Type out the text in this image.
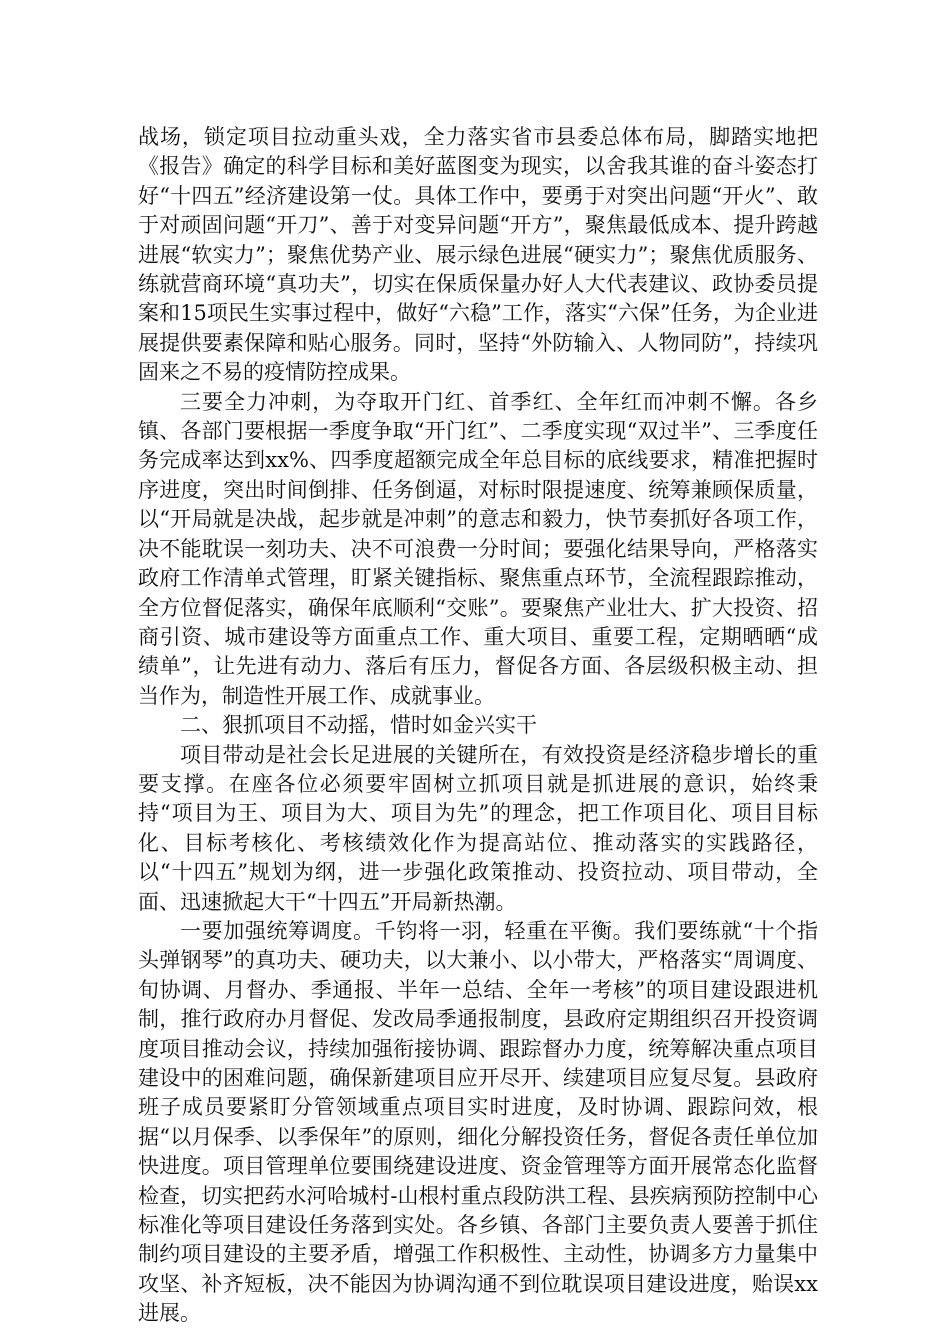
战场，锁定项目拉动重头戏，全力落实省市县委总体布局，脚踏实地把《报告》确定的科学目标和美好蓝图变为现实，以舍我其谁的奋斗姿态打好“十四五”经济建设第一仗。具体工作中，要勇于对突出问题“开火”、敢于对顽固问题“开刀”、善于对变异问题“开方”，聚焦最低成本、提升跨越进展“软实力”；聚焦优势产业、展示绿色进展“硬实力”；聚焦优质服务、练就营商环境“真功夫”，切实在保质保量办好人大代表建议、政协委员提案和15项民生实事过程中，做好“六稳”工作，落实“六保”任务，为企业进展提供要素保障和贴心服务。同时，坚持“外防输入、人物同防”，持续巩固来之不易的疫情防控成果。

三要全力冲刺，为夺取开门红、首季红、全年红而冲刺不懈。各乡镇、各部门要根据一季度争取“开门红”、二季度实现“双过半”、三季度任务完成率达到xx%、四季度超额完成全年总目标的底线要求，精准把握时序进度，突出时间倒排、任务倒逼，对标时限提速度、统筹兼顾保质量，以“开局就是决战，起步就是冲刺”的意志和毅力，快节奏抓好各项工作，决不能耽误一刻功夫、决不可浪费一分时间；要强化结果导向，严格落实政府工作清单式管理，盯紧关键指标、聚焦重点环节，全流程跟踪推动，全方位督促落实，确保年底顺利“交账”。要聚焦产业壮大、扩大投资、招商引资、城市建设等方面重点工作、重大项目、重要工程，定期晒晒“成绩单”，让先进有动力、落后有压力，督促各方面、各层级积极主动、担当作为，制造性开展工作、成就事业。

二、狠抓项目不动摇，惜时如金兴实干

项目带动是社会长足进展的关键所在，有效投资是经济稳步增长的重要支撑。在座各位必须要牢固树立抓项目就是抓进展的意识，始终秉持“项目为王、项目为大、项目为先”的理念，把工作项目化、项目目标化、目标考核化、考核绩效化作为提高站位、推动落实的实践路径，以“十四五”规划为纲，进一步强化政策推动、投资拉动、项目带动，全面、迅速掀起大干“十四五”开局新热潮。

一要加强统筹调度。千钧将一羽，轻重在平衡。我们要练就“十个指头弹钢琴”的真功夫、硬功夫，以大兼小、以小带大，严格落实“周调度、旬协调、月督办、季通报、半年一总结、全年一考核”的项目建设跟进机制，推行政府办月督促、发改局季通报制度，县政府定期组织召开投资调度项目推动会议，持续加强衔接协调、跟踪督办力度，统筹解决重点项目建设中的困难问题，确保新建项目应开尽开、续建项目应复尽复。县政府班子成员要紧盯分管领域重点项目实时进度，及时协调、跟踪问效，根据“以月保季、以季保年”的原则，细化分解投资任务，督促各责任单位加快进度。项目管理单位要围绕建设进度、资金管理等方面开展常态化监督检查，切实把药水河哈城村-山根村重点段防洪工程、县疾病预防控制中心标准化等项目建设任务落到实处。各乡镇、各部门主要负责人要善于抓住制约项目建设的主要矛盾，增强工作积极性、主动性，协调多方力量集中攻坚、补齐短板，决不能因为协调沟通不到位耽误项目建设进度，贻误xx进展。
